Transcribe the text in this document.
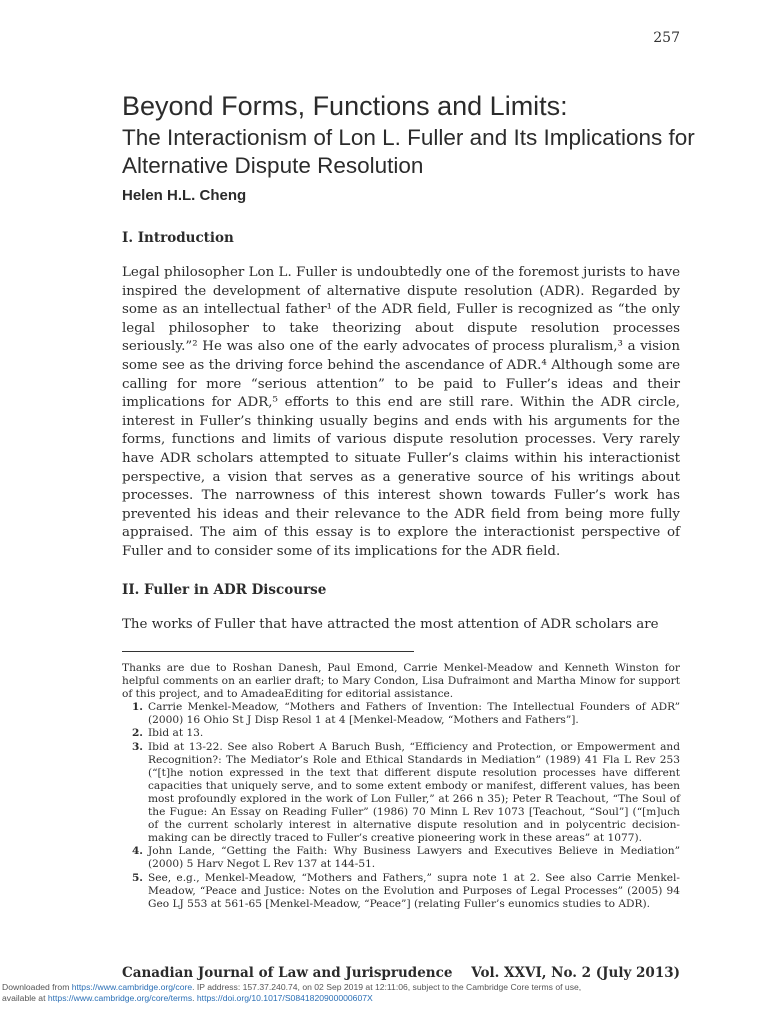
257
Beyond Forms, Functions and Limits:
The Interactionism of Lon L. Fuller and Its Implications for Alternative Dispute Resolution
Helen H.L. Cheng
I. Introduction

Legal philosopher Lon L. Fuller is undoubtedly one of the foremost jurists to have inspired the development of alternative dispute resolution (ADR). Regarded by some as an intellectual father¹ of the ADR field, Fuller is recognized as “the only legal philosopher to take theorizing about dispute resolution processes seriously.”² He was also one of the early advocates of process pluralism,³ a vision some see as the driving force behind the ascendance of ADR.⁴ Although some are calling for more “serious attention” to be paid to Fuller’s ideas and their implications for ADR,⁵ efforts to this end are still rare. Within the ADR circle, interest in Fuller’s thinking usually begins and ends with his arguments for the forms, functions and limits of various dispute resolution processes. Very rarely have ADR scholars attempted to situate Fuller’s claims within his interactionist perspective, a vision that serves as a generative source of his writings about processes. The narrowness of this interest shown towards Fuller’s work has prevented his ideas and their relevance to the ADR field from being more fully appraised. The aim of this essay is to explore the interactionist perspective of Fuller and to consider some of its implications for the ADR field.

II. Fuller in ADR Discourse

The works of Fuller that have attracted the most attention of ADR scholars are

Thanks are due to Roshan Danesh, Paul Emond, Carrie Menkel-Meadow and Kenneth Winston for helpful comments on an earlier draft; to Mary Condon, Lisa Dufraimont and Martha Minow for support of this project, and to AmadeaEditing for editorial assistance.

1. Carrie Menkel-Meadow, “Mothers and Fathers of Invention: The Intellectual Founders of ADR” (2000) 16 Ohio St J Disp Resol 1 at 4 [Menkel-Meadow, “Mothers and Fathers”].
2. Ibid at 13.
3. Ibid at 13-22. See also Robert A Baruch Bush, “Efficiency and Protection, or Empowerment and Recognition?: The Mediator’s Role and Ethical Standards in Mediation” (1989) 41 Fla L Rev 253 (“[t]he notion expressed in the text that different dispute resolution processes have different capacities that uniquely serve, and to some extent embody or manifest, different values, has been most profoundly explored in the work of Lon Fuller,” at 266 n 35); Peter R Teachout, “The Soul of the Fugue: An Essay on Reading Fuller” (1986) 70 Minn L Rev 1073 [Teachout, “Soul”] (“[m]uch of the current scholarly interest in alternative dispute resolution and in polycentric decision-making can be directly traced to Fuller’s creative pioneering work in these areas” at 1077).
4. John Lande, “Getting the Faith: Why Business Lawyers and Executives Believe in Mediation” (2000) 5 Harv Negot L Rev 137 at 144-51.
5. See, e.g., Menkel-Meadow, “Mothers and Fathers,” supra note 1 at 2. See also Carrie Menkel-Meadow, “Peace and Justice: Notes on the Evolution and Purposes of Legal Processes” (2005) 94 Geo LJ 553 at 561-65 [Menkel-Meadow, “Peace”] (relating Fuller’s eunomics studies to ADR).
Canadian Journal of Law and Jurisprudence Vol. XXVI, No. 2 (July 2013)
Downloaded from https://www.cambridge.org/core. IP address: 157.37.240.74, on 02 Sep 2019 at 12:11:06, subject to the Cambridge Core terms of use,
available at https://www.cambridge.org/core/terms. https://doi.org/10.1017/S0841820900000607X
